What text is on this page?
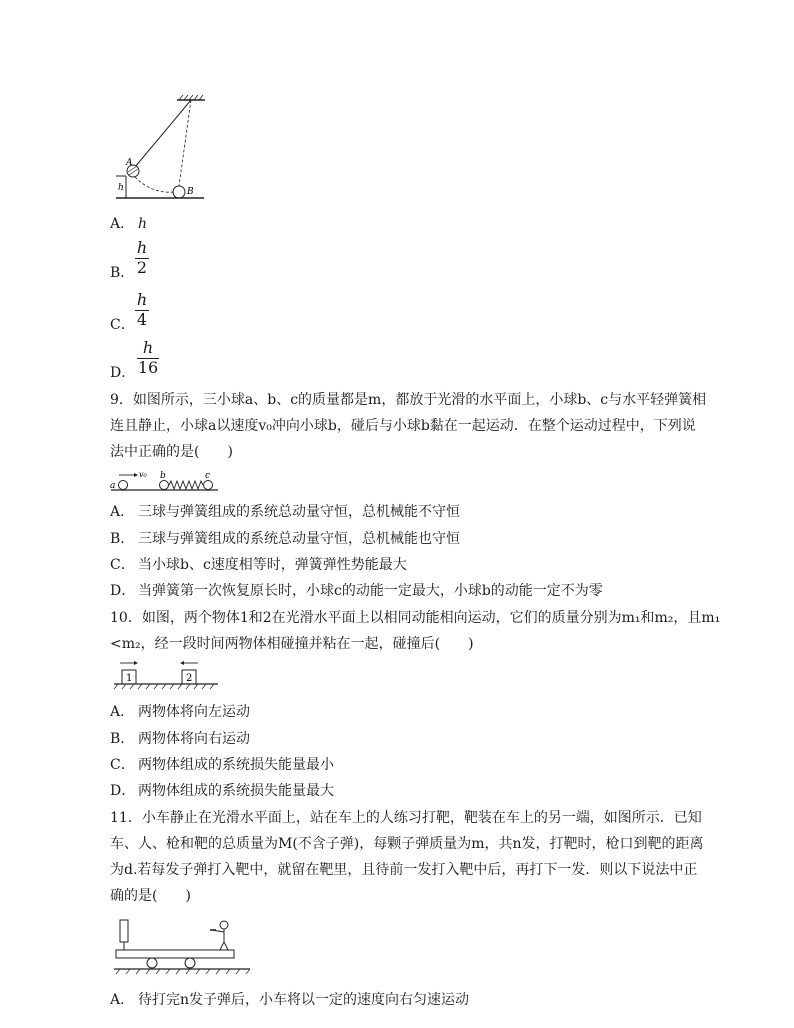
A
B
h
A． h
B．
h
2
C．
h
4
D．
h
16
9．如图所示，三小球a、b、c的质量都是m，都放于光滑的水平面上，小球b、c与水平轻弹簧相
连且静止，小球a以速度v₀冲向小球b，碰后与小球b黏在一起运动．在整个运动过程中，下列说
法中正确的是(　　)
a
v₀ b	c
A． 三球与弹簧组成的系统总动量守恒，总机械能不守恒
B． 三球与弹簧组成的系统总动量守恒，总机械能也守恒
C． 当小球b、c速度相等时，弹簧弹性势能最大
D． 当弹簧第一次恢复原长时，小球c的动能一定最大，小球b的动能一定不为零
10．如图，两个物体1和2在光滑水平面上以相同动能相向运动，它们的质量分别为m₁和m₂，且m₁
<m₂，经一段时间两物体相碰撞并粘在一起，碰撞后(　　)
1	2
A． 两物体将向左运动
B． 两物体将向右运动
C． 两物体组成的系统损失能量最小
D． 两物体组成的系统损失能量最大
11．小车静止在光滑水平面上，站在车上的人练习打靶，靶装在车上的另一端，如图所示．已知
车、人、枪和靶的总质量为M(不含子弹)，每颗子弹质量为m，共n发，打靶时，枪口到靶的距离
为d.若每发子弹打入靶中，就留在靶里，且待前一发打入靶中后，再打下一发．则以下说法中正
确的是(　　)
A． 待打完n发子弹后，小车将以一定的速度向右匀速运动
